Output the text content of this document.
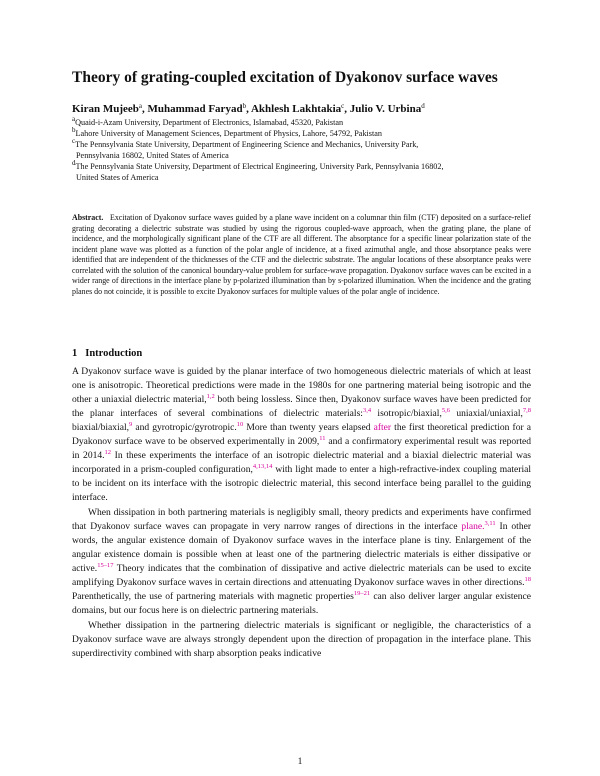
Theory of grating-coupled excitation of Dyakonov surface waves
Kiran Mujeeb$^a$, Muhammad Faryad$^b$, Akhlesh Lakhtakia$^c$, Julio V. Urbina$^d$
$^a$Quaid-i-Azam University, Department of Electronics, Islamabad, 45320, Pakistan
$^b$Lahore University of Management Sciences, Department of Physics, Lahore, 54792, Pakistan
$^c$The Pennsylvania State University, Department of Engineering Science and Mechanics, University Park,
Pennsylvania 16802, United States of America
$^d$The Pennsylvania State University, Department of Electrical Engineering, University Park, Pennsylvania 16802,
United States of America
Abstract. Excitation of Dyakonov surface waves guided by a plane wave incident on a columnar thin film (CTF) deposited on a surface-relief grating decorating a dielectric substrate was studied by using the rigorous coupled-wave approach, when the grating plane, the plane of incidence, and the morphologically significant plane of the CTF are all different. The absorptance for a specific linear polarization state of the incident plane wave was plotted as a function of the polar angle of incidence, at a fixed azimuthal angle, and those absorptance peaks were identified that are independent of the thicknesses of the CTF and the dielectric substrate. The angular locations of these absorptance peaks were correlated with the solution of the canonical boundary-value problem for surface-wave propagation. Dyakonov surface waves can be excited in a wider range of directions in the interface plane by p-polarized illumination than by s-polarized illumination. When the incidence and the grating planes do not coincide, it is possible to excite Dyakonov surfaces for multiple values of the polar angle of incidence.
1 Introduction

A Dyakonov surface wave is guided by the planar interface of two homogeneous dielectric materials of which at least one is anisotropic. Theoretical predictions were made in the 1980s for one partnering material being isotropic and the other a uniaxial dielectric material,$^{1,2}$ both being lossless. Since then, Dyakonov surface waves have been predicted for the planar interfaces of several combinations of dielectric materials:$^{3,4}$ isotropic/biaxial,$^{5,6}$ uniaxial/uniaxial,$^{7,8}$ biaxial/biaxial,$^9$ and gyrotropic/gyrotropic.$^{10}$ More than twenty years elapsed after the first theoretical prediction for a Dyakonov surface wave to be observed experimentally in 2009,11 and a confirmatory experimental result was reported in 2014.12 In these experiments the interface of an isotropic dielectric material and a biaxial dielectric material was incorporated in a prism-coupled configuration,$^{4,13,14}$ with light made to enter a high-refractive-index coupling material to be incident on its interface with the isotropic dielectric material, this second interface being parallel to the guiding interface.

When dissipation in both partnering materials is negligibly small, theory predicts and experiments have confirmed that Dyakonov surface waves can propagate in very narrow ranges of directions in the interface plane.$^{3,11}$ In other words, the angular existence domain of Dyakonov surface waves in the interface plane is tiny. Enlargement of the angular existence domain is possible when at least one of the partnering dielectric materials is either dissipative or active.$^{15-17}$ Theory indicates that the combination of dissipative and active dielectric materials can be used to excite amplifying Dyakonov surface waves in certain directions and attenuating Dyakonov surface waves in other directions.$^{18}$ Parenthetically, the use of partnering materials with magnetic properties$^{19-21}$ can also deliver larger angular existence domains, but our focus here is on dielectric partnering materials.

Whether dissipation in the partnering dielectric materials is significant or negligible, the characteristics of a Dyakonov surface wave are always strongly dependent upon the direction of propagation in the interface plane. This superdirectivity combined with sharp absorption peaks indicative

1
